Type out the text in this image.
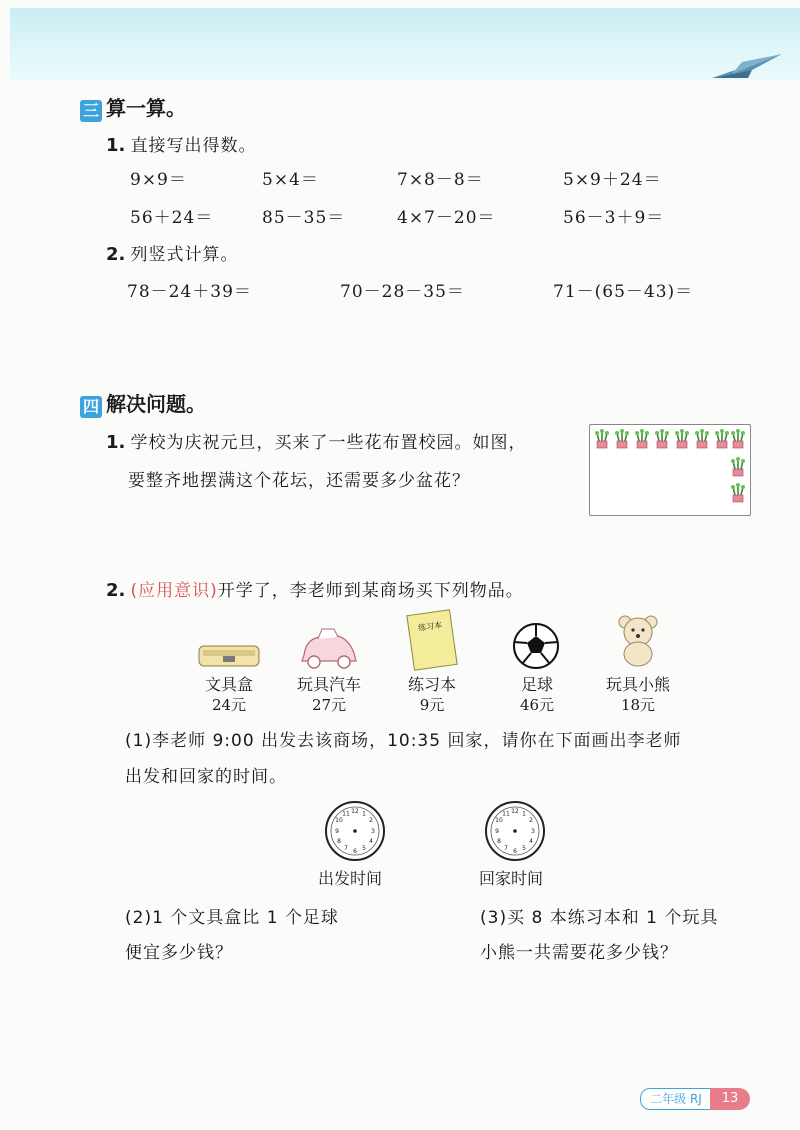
三 算一算。
1. 直接写出得数。
9×9＝	5×4＝	7×8－8＝	5×9＋24＝
56＋24＝	85－35＝	4×7－20＝	56－3＋9＝
2. 列竖式计算。
78－24＋39＝	70－28－35＝	71－(65－43)＝
四 解决问题。
1. 学校为庆祝元旦，买来了一些花布置校园。如图，
要整齐地摆满这个花坛，还需要多少盆花？
2. (应用意识)开学了，李老师到某商场买下列物品。
练习本
文具盒
24元
玩具汽车
27元
练习本
9元
足球
46元
玩具小熊
18元
(1)李老师 9:00 出发去该商场，10:35 回家，请你在下面画出李老师
出发和回家的时间。
12 1
2
3
4
5
6
7
8
9
10
11	12 1
2
3
4
5
6
7
8
9
10
11
出发时间	回家时间
(2)1 个文具盒比 1 个足球
便宜多少钱？
(3)买 8 本练习本和 1 个玩具
小熊一共需要花多少钱？
二年级 RJ	13
